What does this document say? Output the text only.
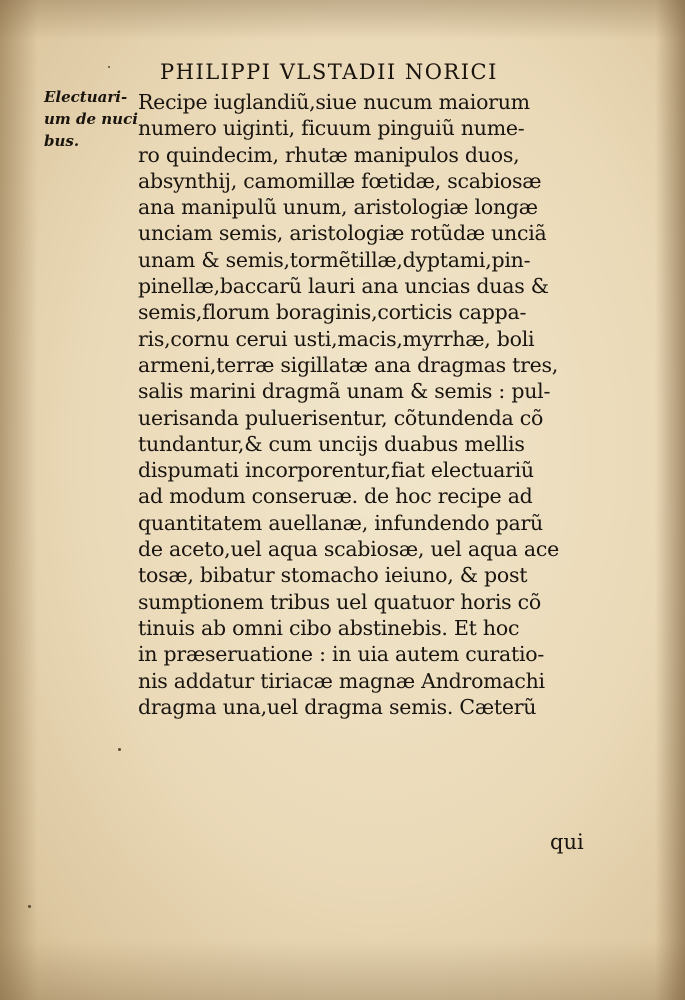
PHILIPPI VLSTADII NORICI
Electuari-
um de nuci
bus.
Recipe iuglandiũ,siue nucum maiorum
numero uiginti, ficuum pinguiũ nume-
ro quindecim, rhutæ manipulos duos,
absynthij, camomillæ fœtidæ, scabiosæ
ana manipulũ unum, aristologiæ longæ
unciam semis, aristologiæ rotũdæ unciã
unam & semis,tormẽtillæ,dyptami,pin-
pinellæ,baccarũ lauri ana uncias duas &
semis,florum boraginis,corticis cappa-
ris,cornu cerui usti,macis,myrrhæ, boli
armeni,terræ sigillatæ ana dragmas tres,
salis marini dragmã unam & semis : pul-
uerisanda puluerisentur, cõtundenda cõ
tundantur,& cum uncijs duabus mellis
dispumati incorporentur,fiat electuariũ
ad modum conseruæ. de hoc recipe ad
quantitatem auellanæ, infundendo parũ
de aceto,uel aqua scabiosæ, uel aqua ace
tosæ, bibatur stomacho ieiuno, & post
sumptionem tribus uel quatuor horis cõ
tinuis ab omni cibo abstinebis. Et hoc
in præseruatione : in uia autem curatio-
nis addatur tiriacæ magnæ Andromachi
dragma una,uel dragma semis. Cæterũ
qui
